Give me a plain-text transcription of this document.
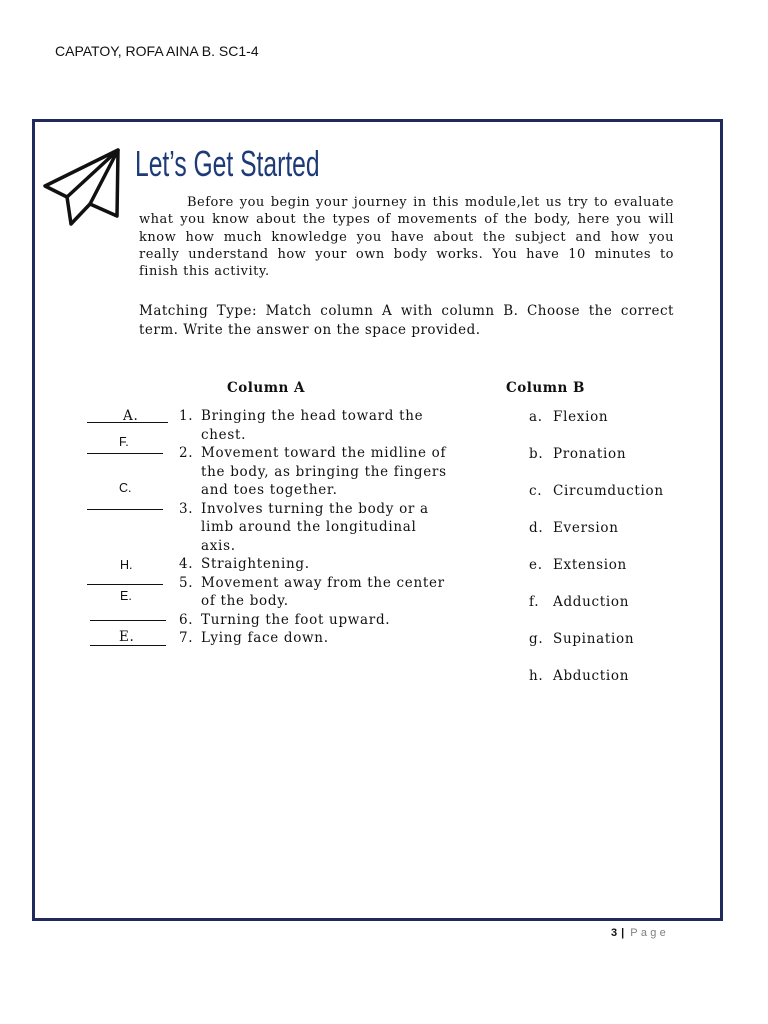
CAPATOY, ROFA AINA B. SC1-4
Let’s Get Started
Before you begin your journey in this module,let us try to evaluate
what you know about the types of movements of the body, here you will
know how much knowledge you have about the subject and how you
really understand how your own body works. You have 10 minutes to
finish this activity.
Matching Type: Match column A with column B. Choose the correct
term. Write the answer on the space provided.
Column A	Column B
A.
F.
C.
H.
E.
E.
1. Bringing the head toward the
chest.
2. Movement toward the midline of
the body, as bringing the fingers
and toes together.
3. Involves turning the body or a
limb around the longitudinal
axis.
4. Straightening.
5. Movement away from the center
of the body.
6. Turning the foot upward.
7. Lying face down.
a. Flexion
b. Pronation
c. Circumduction
d. Eversion
e. Extension
f. Adduction
g. Supination
h. Abduction
3 | Page
